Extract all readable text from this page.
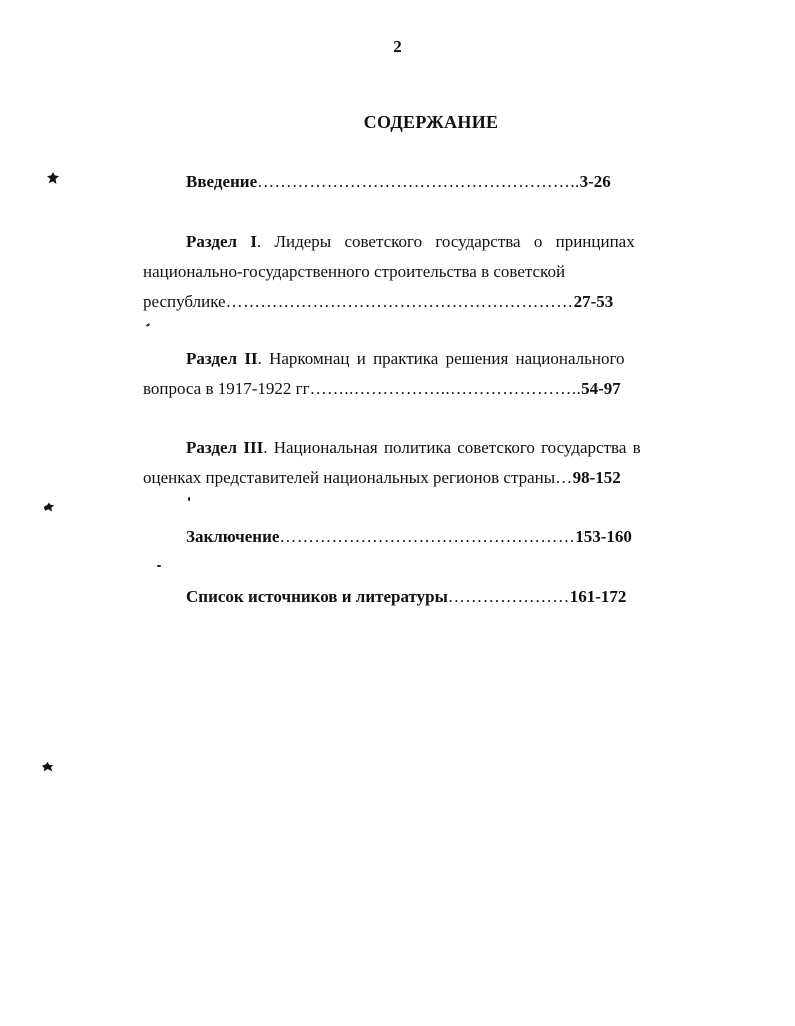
2
СОДЕРЖАНИЕ
Введение………………………………………………..3-26
Раздел I. Лидеры советского государства о принципах
национально-государственного строительства в советской
республике……………………………………………………27-53
Раздел II. Наркомнац и практика решения национального
вопроса в 1917-1922 гг……..……………..…………………..54-97
Раздел III. Национальная политика советского государства в
оценках представителей национальных регионов страны…98-152
Заключение……………………………………………153-160
Список источников и литературы…………………161-172
